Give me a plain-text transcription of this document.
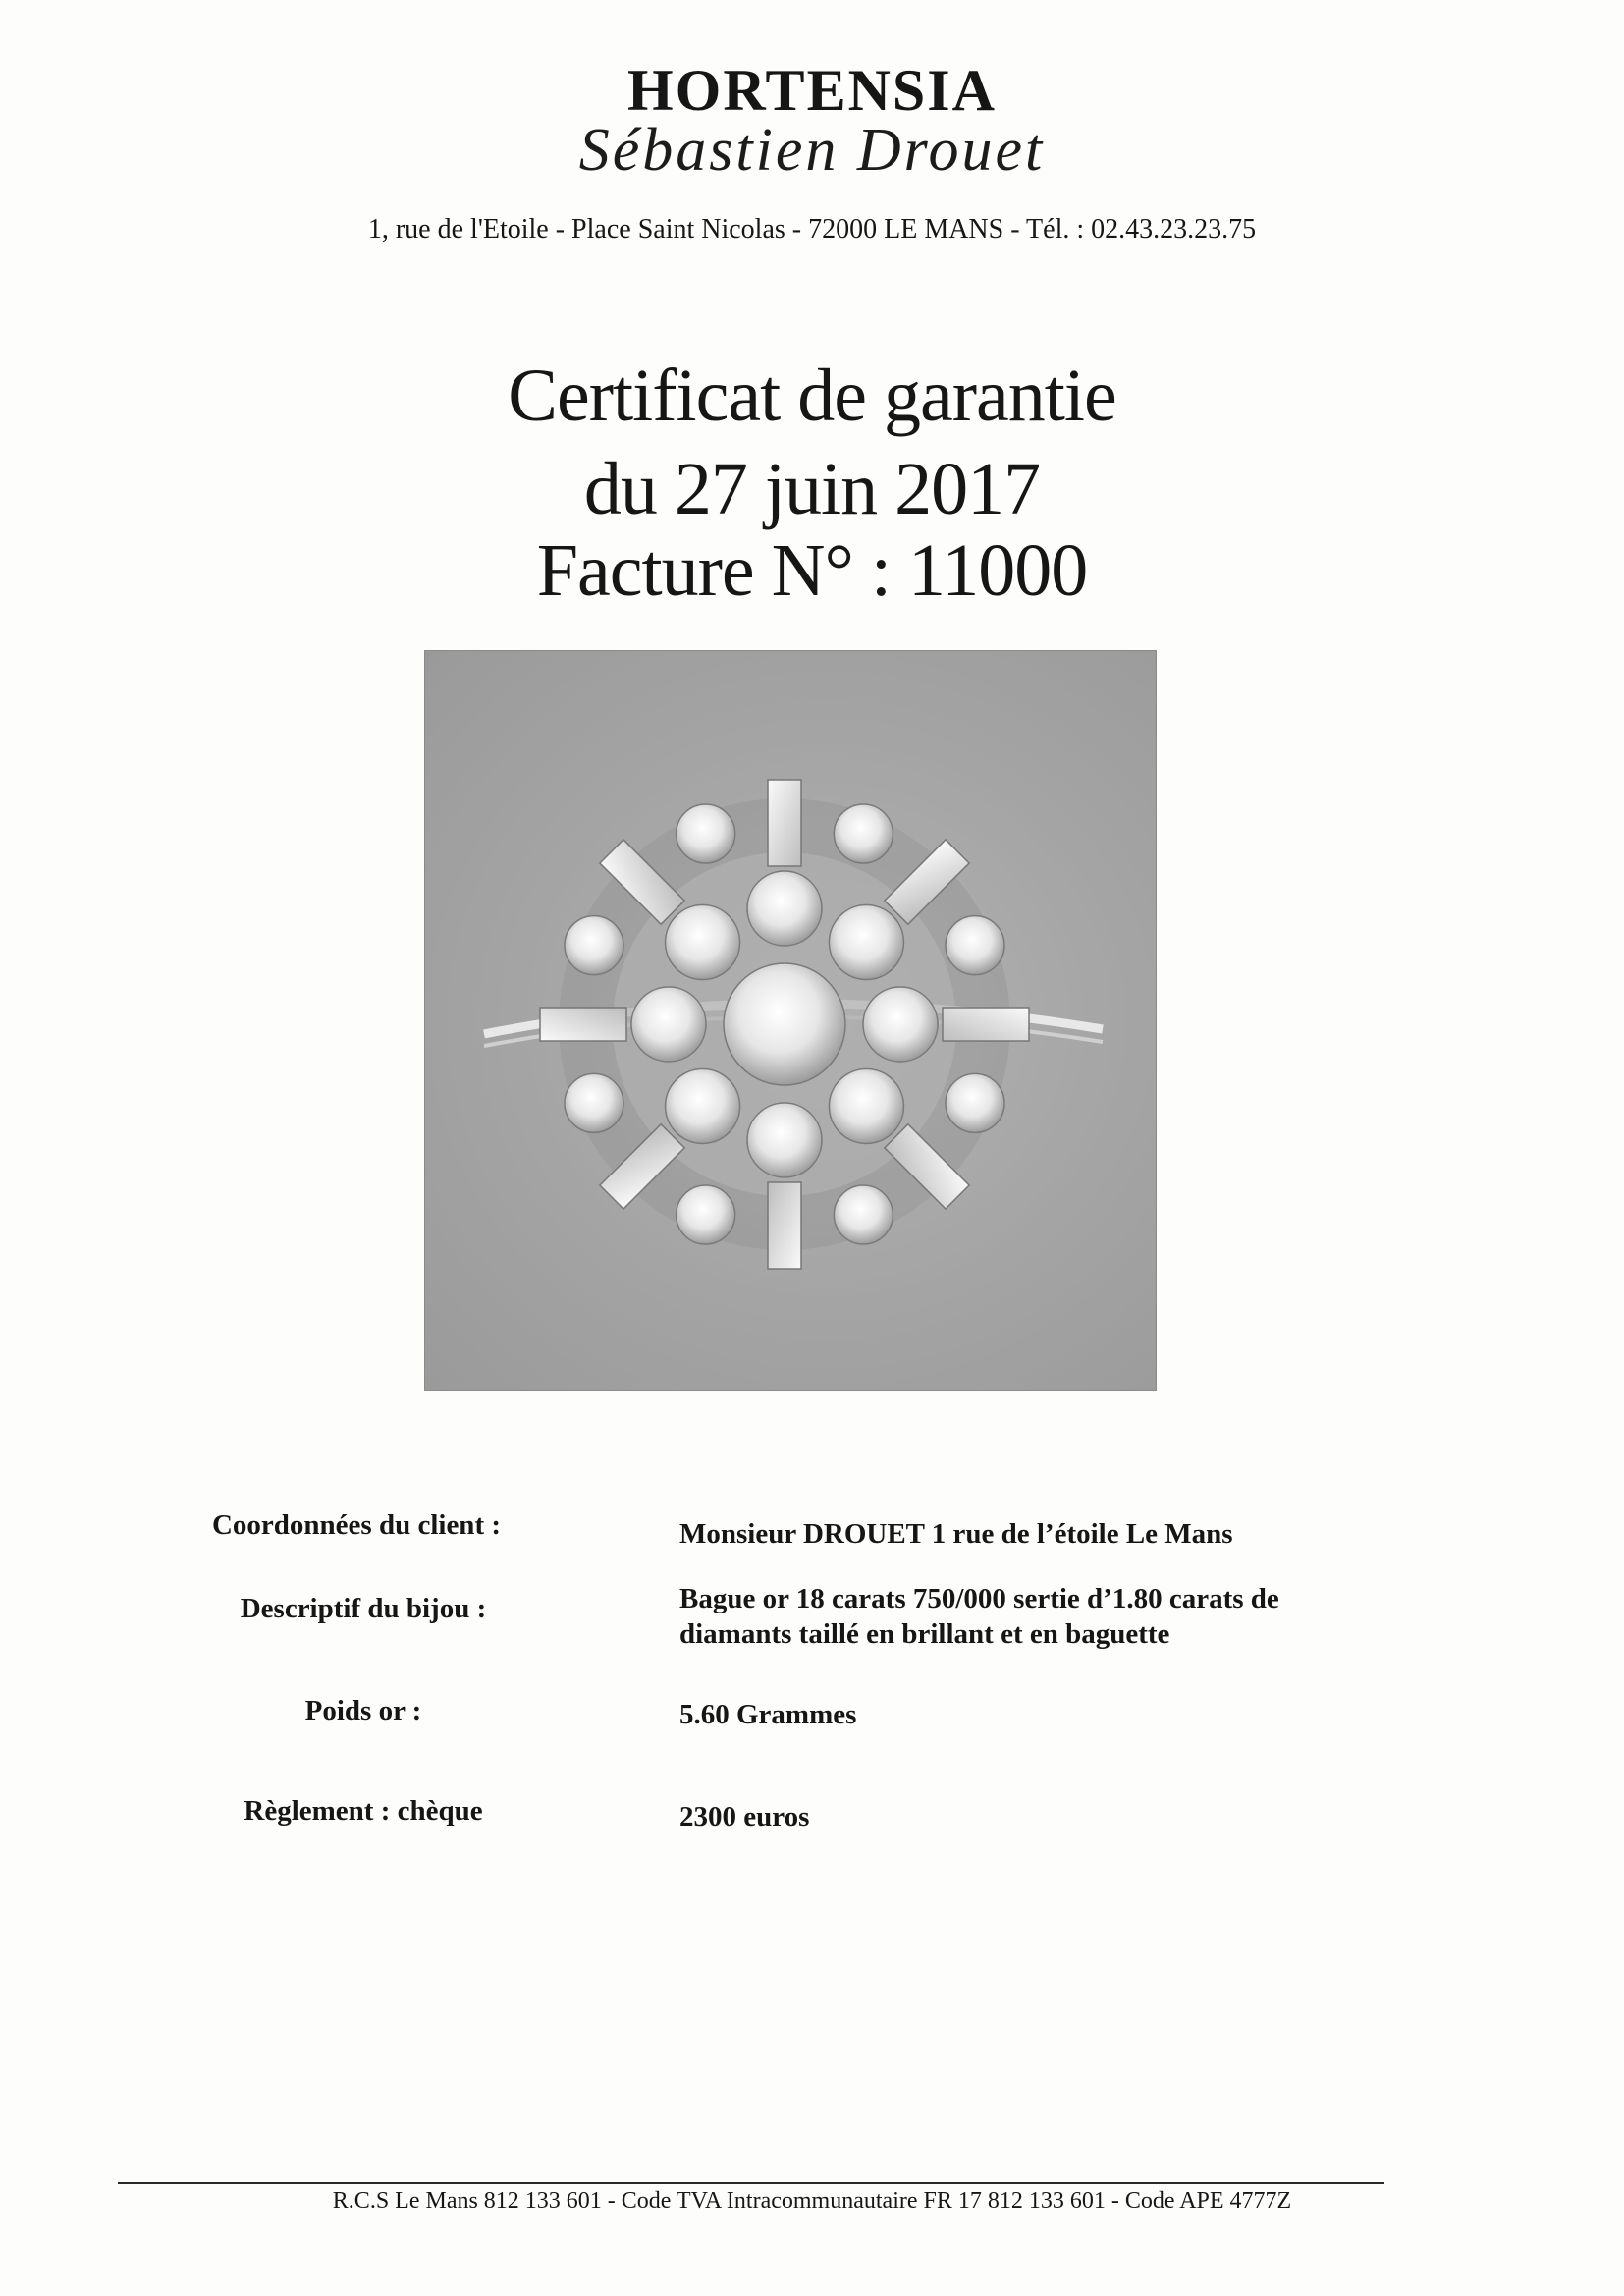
HORTENSIA
Sébastien Drouet
1, rue de l'Etoile - Place Saint Nicolas - 72000 LE MANS - Tél. : 02.43.23.23.75
Certificat de garantie
du 27 juin 2017
Facture N° : 11000
Coordonnées du client :	Monsieur DROUET 1 rue de l’étoile Le Mans
Descriptif du bijou :	Bague or 18 carats 750/000 sertie d’1.80 carats de
diamants taillé en brillant et en baguette
Poids or :	5.60 Grammes
Règlement : chèque	2300 euros
R.C.S Le Mans 812 133 601 - Code TVA Intracommunautaire FR 17 812 133 601 - Code APE 4777Z
